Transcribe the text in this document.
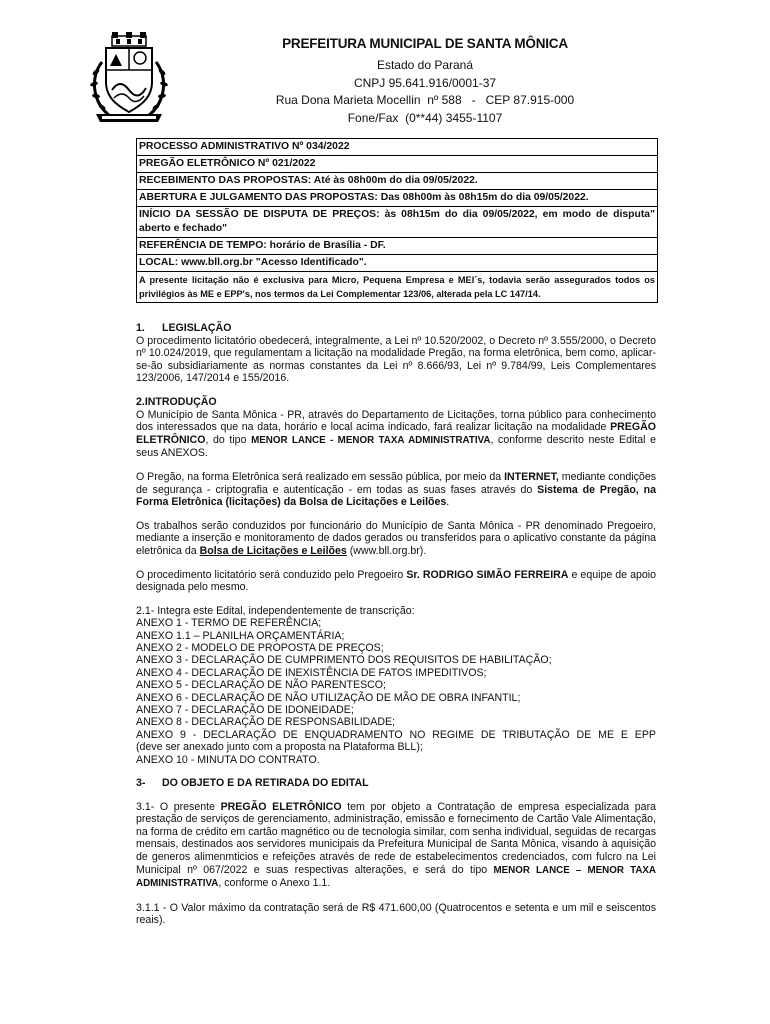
PREFEITURA MUNICIPAL DE SANTA MÔNICA
Estado do Paraná
CNPJ 95.641.916/0001-37
Rua Dona Marieta Mocellin  nº 588   -   CEP 87.915-000
Fone/Fax  (0**44) 3455-1107
PROCESSO ADMINISTRATIVO Nº 034/2022
PREGÃO ELETRÔNICO Nº 021/2022
RECEBIMENTO DAS PROPOSTAS: Até às 08h00m do dia 09/05/2022.
ABERTURA E JULGAMENTO DAS PROPOSTAS: Das 08h00m às 08h15m do dia 09/05/2022.
INÍCIO DA SESSÃO DE DISPUTA DE PREÇOS: às 08h15m do dia 09/05/2022, em modo de disputa" aberto e fechado"
REFERÊNCIA DE TEMPO: horário de Brasília - DF.
LOCAL: www.bll.org.br "Acesso Identificado".
A presente licitação não é exclusiva para Micro, Pequena Empresa e MEI´s, todavia serão assegurados todos os privilégios às ME e EPP's, nos termos da Lei Complementar 123/06, alterada pela LC 147/14.

1. LEGISLAÇÃO

O procedimento licitatório obedecerá, integralmente, a Lei nº 10.520/2002, o Decreto nº 3.555/2000, o Decreto nº 10.024/2019, que regulamentam a licitação na modalidade Pregão, na forma eletrônica, bem como, aplicar-se-ão subsidiariamente as normas constantes da Lei nº 8.666/93, Lei nº 9.784/99, Leis Complementares 123/2006, 147/2014 e 155/2016.

2.INTRODUÇÃO

O Município de Santa Mônica - PR, através do Departamento de Licitações, torna público para conhecimento dos interessados que na data, horário e local acima indicado, fará realizar licitação na modalidade PREGÃO ELETRÔNICO, do tipo MENOR LANCE - MENOR TAXA ADMINISTRATIVA, conforme descrito neste Edital e seus ANEXOS.

O Pregão, na forma Eletrônica será realizado em sessão pública, por meio da INTERNET, mediante condições de segurança - criptografia e autenticação - em todas as suas fases através do Sistema de Pregão, na Forma Eletrônica (licitações) da Bolsa de Licitações e Leilões.

Os trabalhos serão conduzidos por funcionário do Município de Santa Mônica - PR denominado Pregoeiro, mediante a inserção e monitoramento de dados gerados ou transferidos para o aplicativo constante da página eletrônica da Bolsa de Licitações e Leilões (www.bll.org.br).

O procedimento licitatório será conduzido pelo Pregoeiro Sr. RODRIGO SIMÃO FERREIRA e equipe de apoio designada pelo mesmo.

2.1- Integra este Edital, independentemente de transcrição:

ANEXO 1 - TERMO DE REFERÊNCIA;

ANEXO 1.1 – PLANILHA ORÇAMENTÁRIA;

ANEXO 2 - MODELO DE PROPOSTA DE PREÇOS;

ANEXO 3 - DECLARAÇÃO DE CUMPRIMENTO DOS REQUISITOS DE HABILITAÇÃO;

ANEXO 4 - DECLARAÇÃO DE INEXISTÊNCIA DE FATOS IMPEDITIVOS;

ANEXO 5 - DECLARAÇÃO DE NÃO PARENTESCO;

ANEXO 6 - DECLARAÇÃO DE NÃO UTILIZAÇÃO DE MÃO DE OBRA INFANTIL;

ANEXO 7 - DECLARAÇÃO DE IDONEIDADE;

ANEXO 8 - DECLARAÇÃO DE RESPONSABILIDADE;

ANEXO 9 - DECLARAÇÃO DE ENQUADRAMENTO NO REGIME DE TRIBUTAÇÃO DE ME E EPP

(deve ser anexado junto com a proposta na Plataforma BLL);

ANEXO 10 - MINUTA DO CONTRATO.

3- DO OBJETO E DA RETIRADA DO EDITAL

3.1- O presente PREGÃO ELETRÔNICO tem por objeto a Contratação de empresa especializada para prestação de serviços de gerenciamento, administração, emissão e fornecimento de Cartão Vale Alimentação, na forma de crédito em cartão magnético ou de tecnologia similar, com senha individual, seguidas de recargas mensais, destinados aos servidores municipais da Prefeitura Municipal de Santa Mônica, visando à aquisição de generos alimenmticios e refeições através de rede de estabelecimentos credenciados, com fulcro na Lei Municipal nº 067/2022 e suas respectivas alterações, e será do tipo MENOR LANCE – MENOR TAXA ADMINISTRATIVA, conforme o Anexo 1.1.

3.1.1 - O Valor máximo da contratação será de R$ 471.600,00 (Quatrocentos e setenta e um mil e seiscentos reais).
